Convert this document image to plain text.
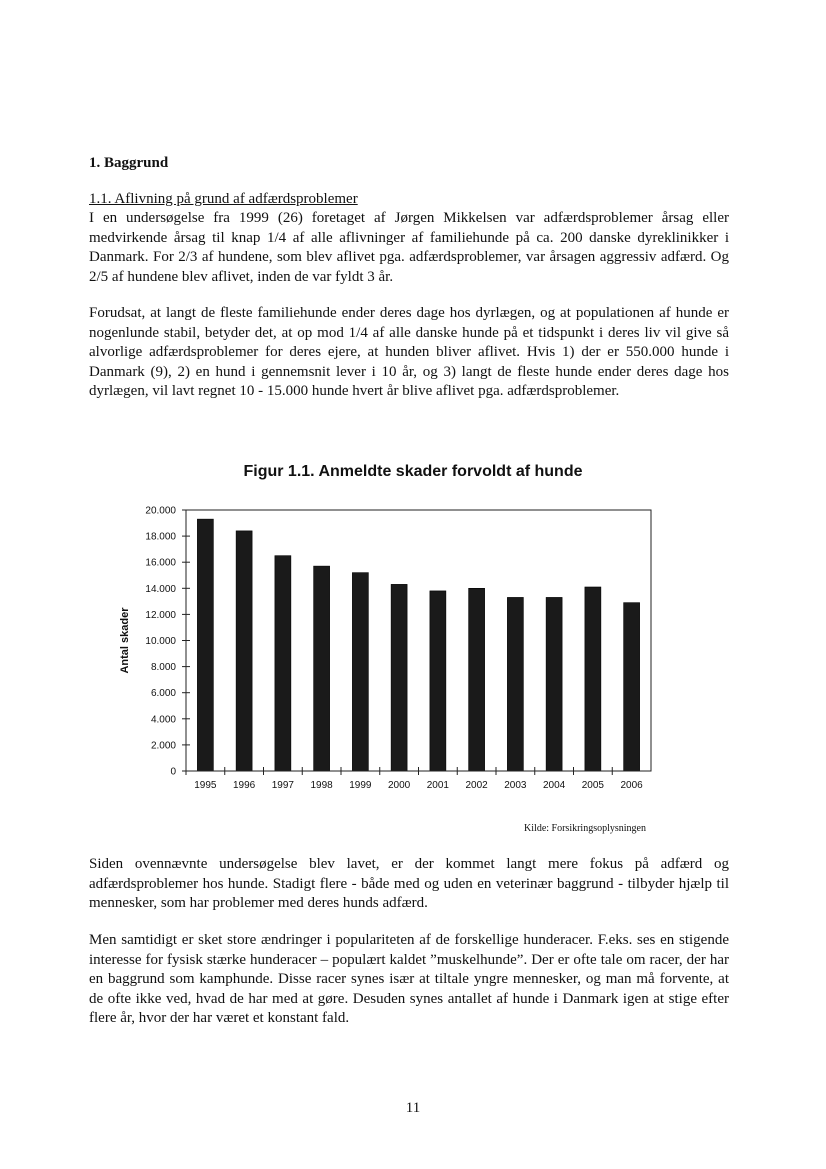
1. Baggrund

1.1. Aflivning på grund af adfærdsproblemer

I en undersøgelse fra 1999 (26) foretaget af Jørgen Mikkelsen var adfærdsproblemer årsag eller medvirkende årsag til knap 1/4 af alle aflivninger af familiehunde på ca. 200 danske dyreklinikker i Danmark. For 2/3 af hundene, som blev aflivet pga. adfærdsproblemer, var årsagen aggressiv adfærd. Og 2/5 af hundene blev aflivet, inden de var fyldt 3 år.

Forudsat, at langt de fleste familiehunde ender deres dage hos dyrlægen, og at populationen af hunde er nogenlunde stabil, betyder det, at op mod 1/4 af alle danske hunde på et tidspunkt i deres liv vil give så alvorlige adfærdsproblemer for deres ejere, at hunden bliver aflivet. Hvis 1) der er 550.000 hunde i Danmark (9), 2) en hund i gennemsnit lever i 10 år, og 3) langt de fleste hunde ender deres dage hos dyrlægen, vil lavt regnet 10 - 15.000 hunde hvert år blive aflivet pga. adfærdsproblemer.

Figur 1.1. Anmeldte skader forvoldt af hunde

0
2.000
4.000
6.000
8.000
10.000
12.000
14.000
16.000
18.000
20.000
1995 1996 1997 1998 1999 2000 2001 2002 2003 2004 2005 2006
Antal skader

Kilde: Forsikringsoplysningen

Siden ovennævnte undersøgelse blev lavet, er der kommet langt mere fokus på adfærd og adfærdsproblemer hos hunde. Stadigt flere - både med og uden en veterinær baggrund - tilbyder hjælp til mennesker, som har problemer med deres hunds adfærd.

Men samtidigt er sket store ændringer i populariteten af de forskellige hunderacer. F.eks. ses en stigende interesse for fysisk stærke hunderacer – populært kaldet ”muskelhunde”. Der er ofte tale om racer, der har en baggrund som kamphunde. Disse racer synes især at tiltale yngre mennesker, og man må forvente, at de ofte ikke ved, hvad de har med at gøre. Desuden synes antallet af hunde i Danmark igen at stige efter flere år, hvor der har været et konstant fald.

11
